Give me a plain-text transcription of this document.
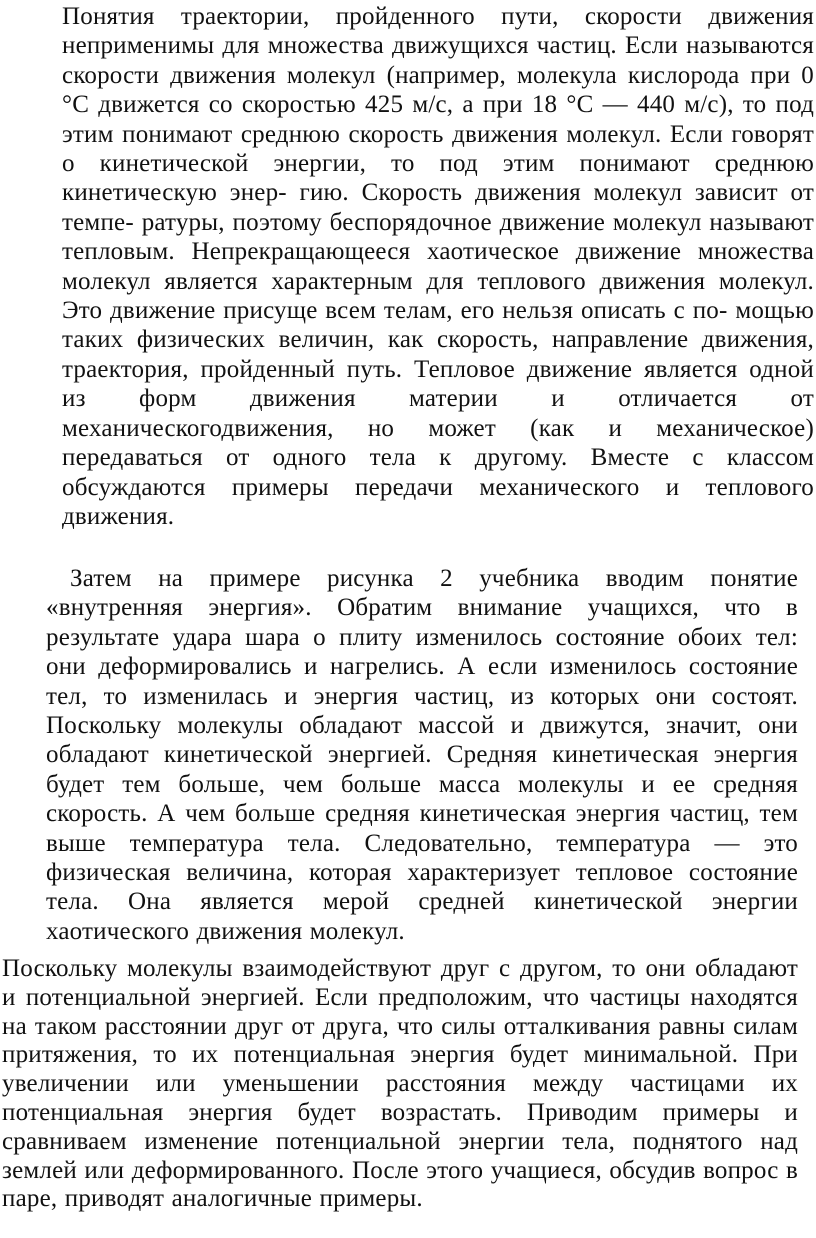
Понятия траектории, пройденного пути, скорости движения неприменимы для множества движущихся частиц. Если называются скорости движения молекул (например, молекула кислорода при 0 °С движется со скоростью 425 м/с, а при 18 °С — 440 м/с), то под этим понимают среднюю скорость движения молекул. Если говорят о кинетической энергии, то под этим понимают среднюю кинетическую энер- гию. Скорость движения молекул зависит от темпе- ратуры, поэтому беспорядочное движение молекул называют тепловым. Непрекращающееся хаотическое движение множества молекул является характерным для теплового движения молекул. Это движение присуще всем телам, его нельзя описать с по- мощью таких физических величин, как скорость, направление движения, траектория, пройденный путь. Тепловое движение является одной из форм движения материи и отличается от механическогодвижения, но может (как и механическое) передаваться от одного тела к другому. Вместе с классом обсуждаются примеры передачи механического и теплового движения.

Затем на примере рисунка 2 учебника вводим понятие «внутренняя энергия». Обратим внимание учащихся, что в результате удара шара о плиту изменилось состояние обоих тел: они деформировались и нагрелись. А если изменилось состояние тел, то изменилась и энергия частиц, из которых они состоят. Поскольку молекулы обладают массой и движутся, значит, они обладают кинетической энергией. Средняя кинетическая энергия будет тем больше, чем больше масса молекулы и ее средняя скорость. А чем больше средняя кинетическая энергия частиц, тем выше температура тела. Следовательно, температура — это физическая величина, которая характеризует тепловое состояние тела. Она является мерой средней кинетической энергии хаотического движения молекул.

Поскольку молекулы взаимодействуют друг с другом, то они обладают и потенциальной энергией. Если предположим, что частицы находятся на таком расстоянии друг от друга, что силы отталкивания равны силам притяжения, то их потенциальная энергия будет минимальной. При увеличении или уменьшении расстояния между частицами их потенциальная энергия будет возрастать. Приводим примеры и сравниваем изменение потенциальной энергии тела, поднятого над землей или деформированного. После этого учащиеся, обсудив вопрос в паре, приводят аналогичные примеры.
